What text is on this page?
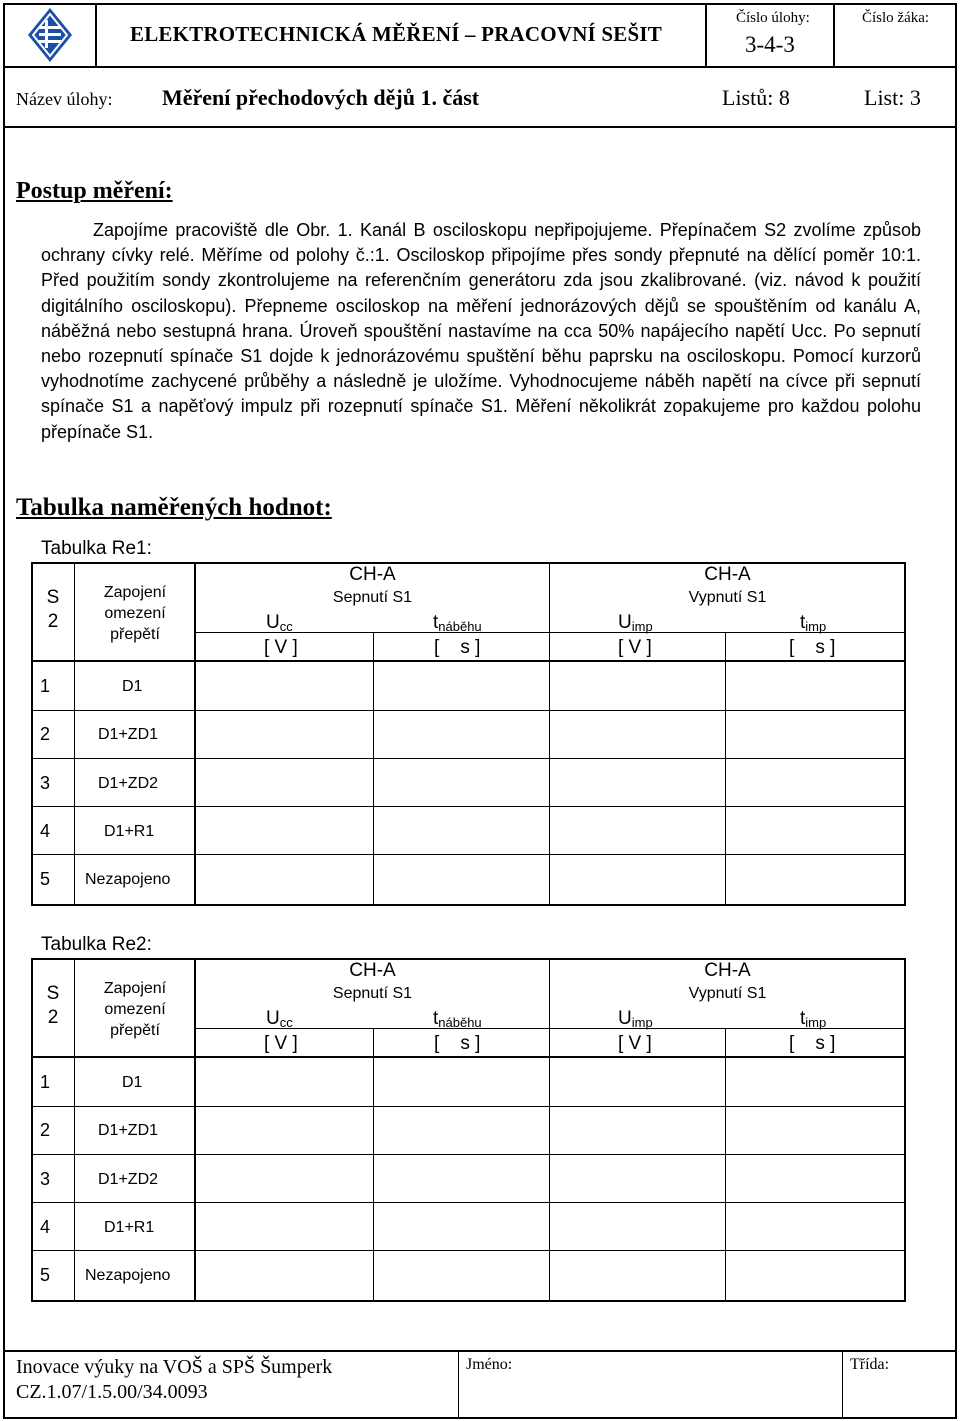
ELEKTROTECHNICKÁ MĚŘENÍ – PRACOVNÍ SEŠIT
Číslo úlohy:
3-4-3
Číslo žáka:
Název úlohy: Měření přechodových dějů 1. část	Listů: 8	List: 3
Postup měření:

Zapojíme pracoviště dle Obr. 1. Kanál B osciloskopu nepřipojujeme. Přepínačem S2 zvolíme způsob ochrany cívky relé. Měříme od polohy č.:1. Osciloskop připojíme přes sondy přepnuté na dělící poměr 10:1. Před použitím sondy zkontrolujeme na referenčním generátoru zda jsou zkalibrované. (viz. návod k použití digitálního osciloskopu). Přepneme osciloskop na měření jednorázových dějů se spouštěním od kanálu A, náběžná nebo sestupná hrana. Úroveň spouštění nastavíme na cca 50% napájecího napětí Ucc. Po sepnutí nebo rozepnutí spínače S1 dojde k jednorázovému spuštění běhu paprsku na osciloskopu. Pomocí kurzorů vyhodnotíme zachycené průběhy a následně je uložíme. Vyhodnocujeme náběh napětí na cívce při sepnutí spínače S1 a napěťový impulz při rozepnutí spínače S1. Měření několikrát zopakujeme pro každou polohu přepínače S1.

Tabulka naměřených hodnot:
Tabulka Re1:
S
2
Zapojení
omezení
přepětí
CH-A
Sepnutí S1
CH-A
Vypnutí S1
$U_{cc}$	$t_{náběhu}$	$U_{imp}$	$t_{imp}$
[ V ]	[    s ]	[ V ]	[    s ]
1	D1
2	D1+ZD1
3	D1+ZD2
4	D1+R1
5 Nezapojeno
Tabulka Re2:
S
2
Zapojení
omezení
přepětí
CH-A
Sepnutí S1
CH-A
Vypnutí S1
$U_{cc}$	$t_{náběhu}$	$U_{imp}$	$t_{imp}$
[ V ]	[    s ]	[ V ]	[    s ]
1	D1
2	D1+ZD1
3	D1+ZD2
4	D1+R1
5 Nezapojeno
Inovace výuky na VOŠ a SPŠ Šumperk
CZ.1.07/1.5.00/34.0093
Jméno:	Třída:
